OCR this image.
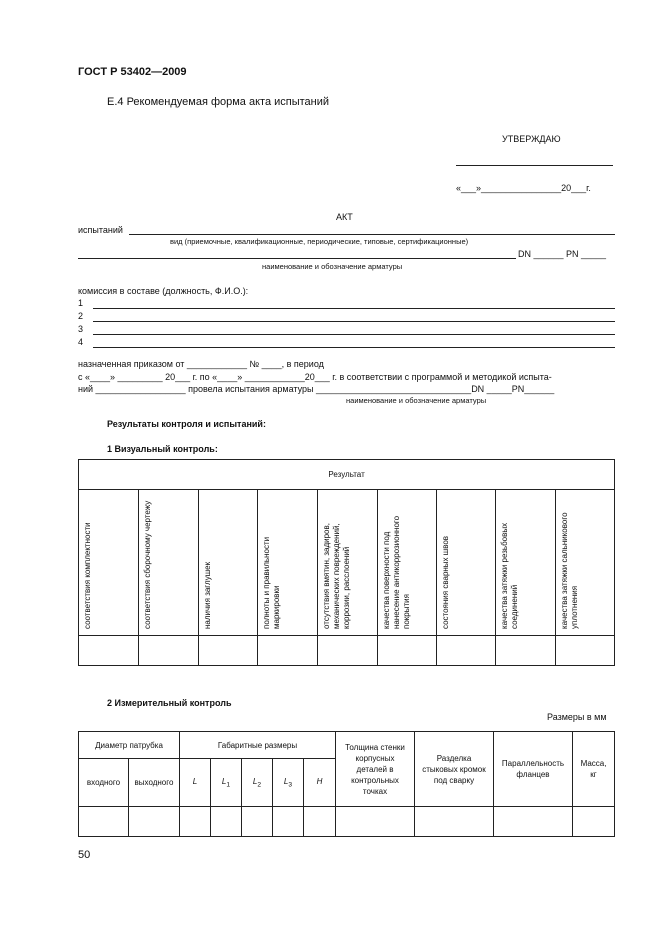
ГОСТ Р 53402—2009
Е.4 Рекомендуемая форма акта испытаний
УТВЕРЖДАЮ
«___»________________20___г.
АКТ
испытаний
вид (приемочные, квалификационные, периодические, типовые, сертификационные)
DN ______ PN _____
наименование и обозначение арматуры
комиссия в составе (должность, Ф.И.О.):
1
2
3
4
назначенная приказом от ____________ № ____, в период
с «____» _________ 20___ г. по «____» ____________20___ г. в соответствии с программой и методикой испыта-
ний __________________ провела испытания арматуры _______________________________DN _____PN______
наименование и обозначение арматуры
Результаты контроля и испытаний:
1 Визуальный контроль:
Результат								
соответствия комплектности	соответствия сборочному чертежу	наличия заглушек	полноты и правильности маркировки	отсутствия вмятин, задиров, механических повреждений, коррозии, расслоений	качества поверхности под нанесение антикоррозионного покрытия	состояния сварных швов	качества затяжки резьбовых соединений	качества затяжки сальникового уплотнения

2 Измерительный контроль
Размеры в мм
Диаметр патрубка		Габаритные размеры					Толщина стенки корпусных деталей в контрольных точках	Разделка стыковых кромок под сварку	Параллельность фланцев	Масса, кг
входного	выходного	L	$L_1$	$L_2$	$L_3$	H				

50
